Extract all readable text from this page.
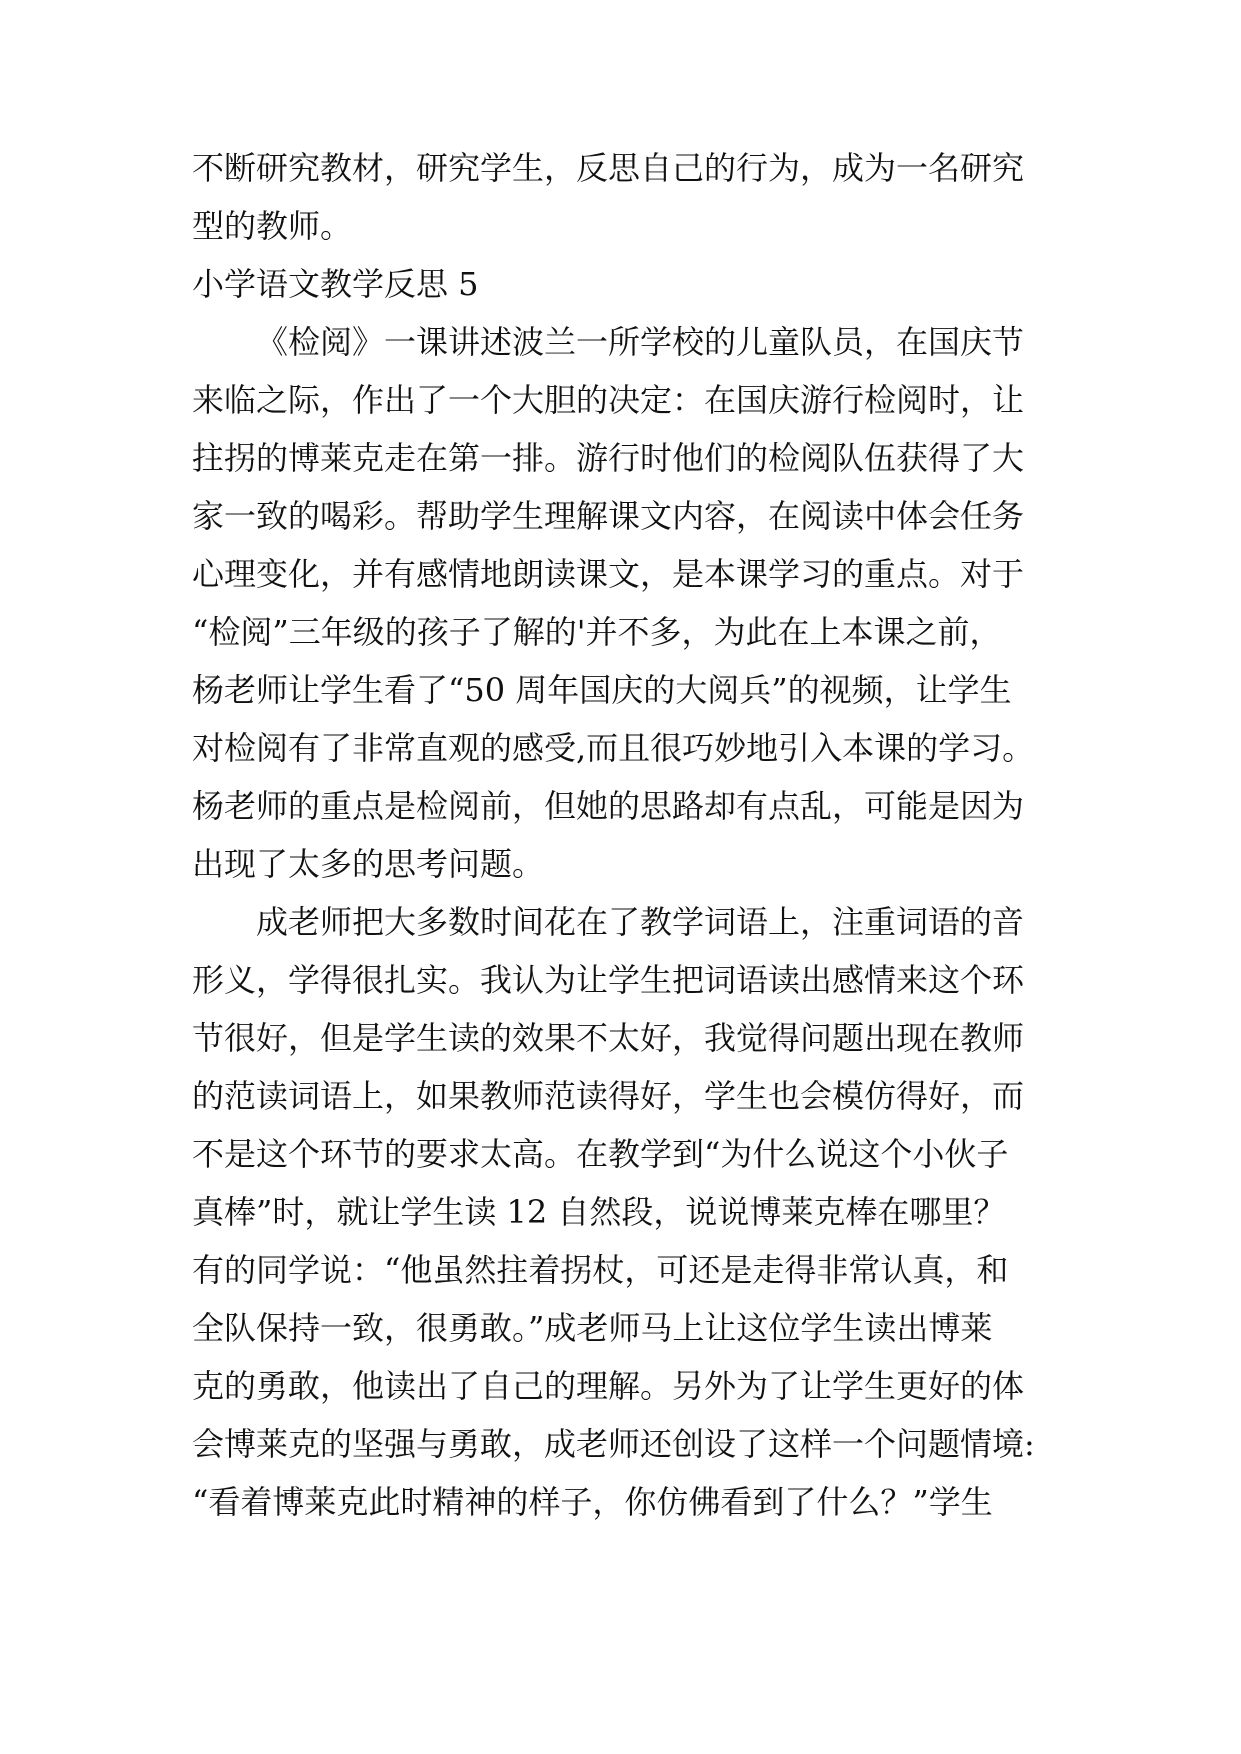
不断研究教材，研究学生，反思自己的行为，成为一名研究
型的教师。
小学语文教学反思 5
《检阅》一课讲述波兰一所学校的儿童队员，在国庆节
来临之际，作出了一个大胆的决定：在国庆游行检阅时，让
拄拐的博莱克走在第一排。游行时他们的检阅队伍获得了大
家一致的喝彩。帮助学生理解课文内容，在阅读中体会任务
心理变化，并有感情地朗读课文，是本课学习的重点。对于
“检阅”三年级的孩子了解的'并不多，为此在上本课之前，
杨老师让学生看了“50 周年国庆的大阅兵”的视频，让学生
对检阅有了非常直观的感受,而且很巧妙地引入本课的学习。
杨老师的重点是检阅前，但她的思路却有点乱，可能是因为
出现了太多的思考问题。
成老师把大多数时间花在了教学词语上，注重词语的音
形义，学得很扎实。我认为让学生把词语读出感情来这个环
节很好，但是学生读的效果不太好，我觉得问题出现在教师
的范读词语上，如果教师范读得好，学生也会模仿得好，而
不是这个环节的要求太高。在教学到“为什么说这个小伙子
真棒”时，就让学生读 12 自然段，说说博莱克棒在哪里？
有的同学说：“他虽然拄着拐杖，可还是走得非常认真，和
全队保持一致，很勇敢。”成老师马上让这位学生读出博莱
克的勇敢，他读出了自己的理解。另外为了让学生更好的体
会博莱克的坚强与勇敢，成老师还创设了这样一个问题情境:
“看着博莱克此时精神的样子，你仿佛看到了什么？”学生
